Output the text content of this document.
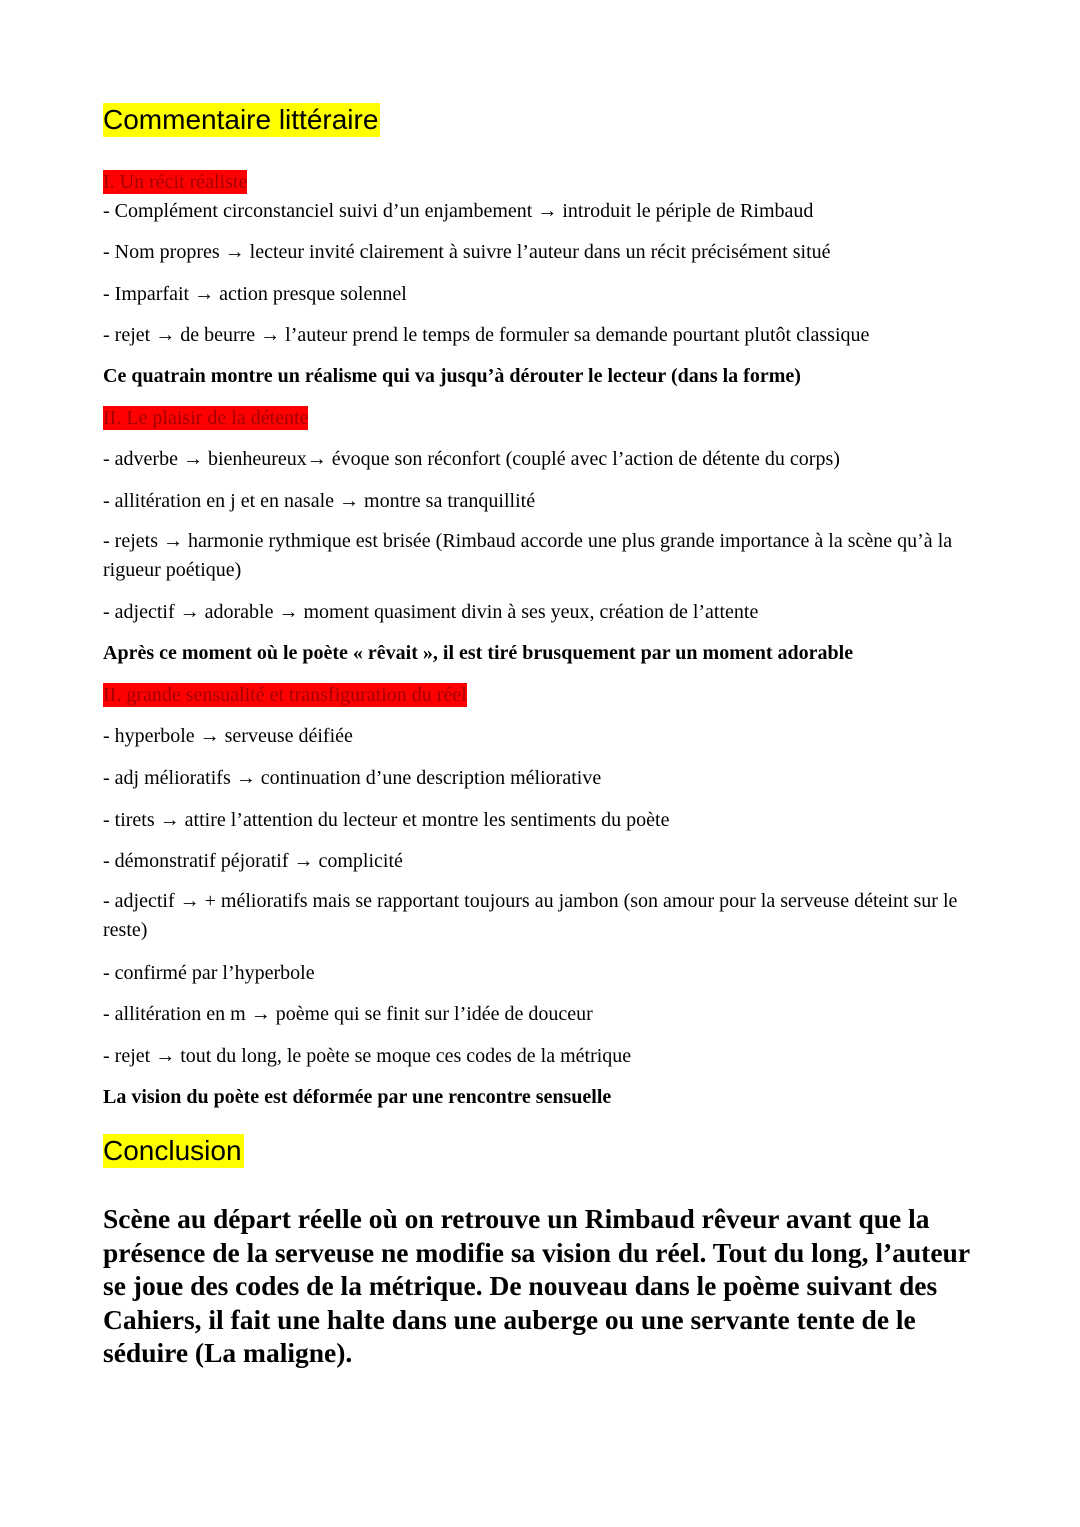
Commentaire littéraire
I. Un récit réaliste
- Complément circonstanciel suivi d’un enjambement → introduit le périple de Rimbaud
- Nom propres → lecteur invité clairement à suivre l’auteur dans un récit précisément situé
- Imparfait → action presque solennel
- rejet → de beurre → l’auteur prend le temps de formuler sa demande pourtant plutôt classique
Ce quatrain montre un réalisme qui va jusqu’à dérouter le lecteur (dans la forme)
II. Le plaisir de la détente
- adverbe → bienheureux→ évoque son réconfort (couplé avec l’action de détente du corps)
- allitération en j et en nasale → montre sa tranquillité
- rejets → harmonie rythmique est brisée (Rimbaud accorde une plus grande importance à la scène qu’à la rigueur poétique)
- adjectif → adorable → moment quasiment divin à ses yeux, création de l’attente
Après ce moment où le poète « rêvait », il est tiré brusquement par un moment adorable
II. grande sensualité et transfiguration du réel
- hyperbole → serveuse déifiée
- adj mélioratifs → continuation d’une description méliorative
- tirets → attire l’attention du lecteur et montre les sentiments du poète
- démonstratif péjoratif → complicité
- adjectif → + mélioratifs mais se rapportant toujours au jambon (son amour pour la serveuse déteint sur le reste)
- confirmé par l’hyperbole
- allitération en m → poème qui se finit sur l’idée de douceur
- rejet → tout du long, le poète se moque ces codes de la métrique
La vision du poète est déformée par une rencontre sensuelle
Conclusion
Scène au départ réelle où on retrouve un Rimbaud rêveur avant que la présence de la serveuse ne modifie sa vision du réel. Tout du long, l’auteur se joue des codes de la métrique. De nouveau dans le poème suivant des Cahiers, il fait une halte dans une auberge ou une servante tente de le séduire (La maligne).
